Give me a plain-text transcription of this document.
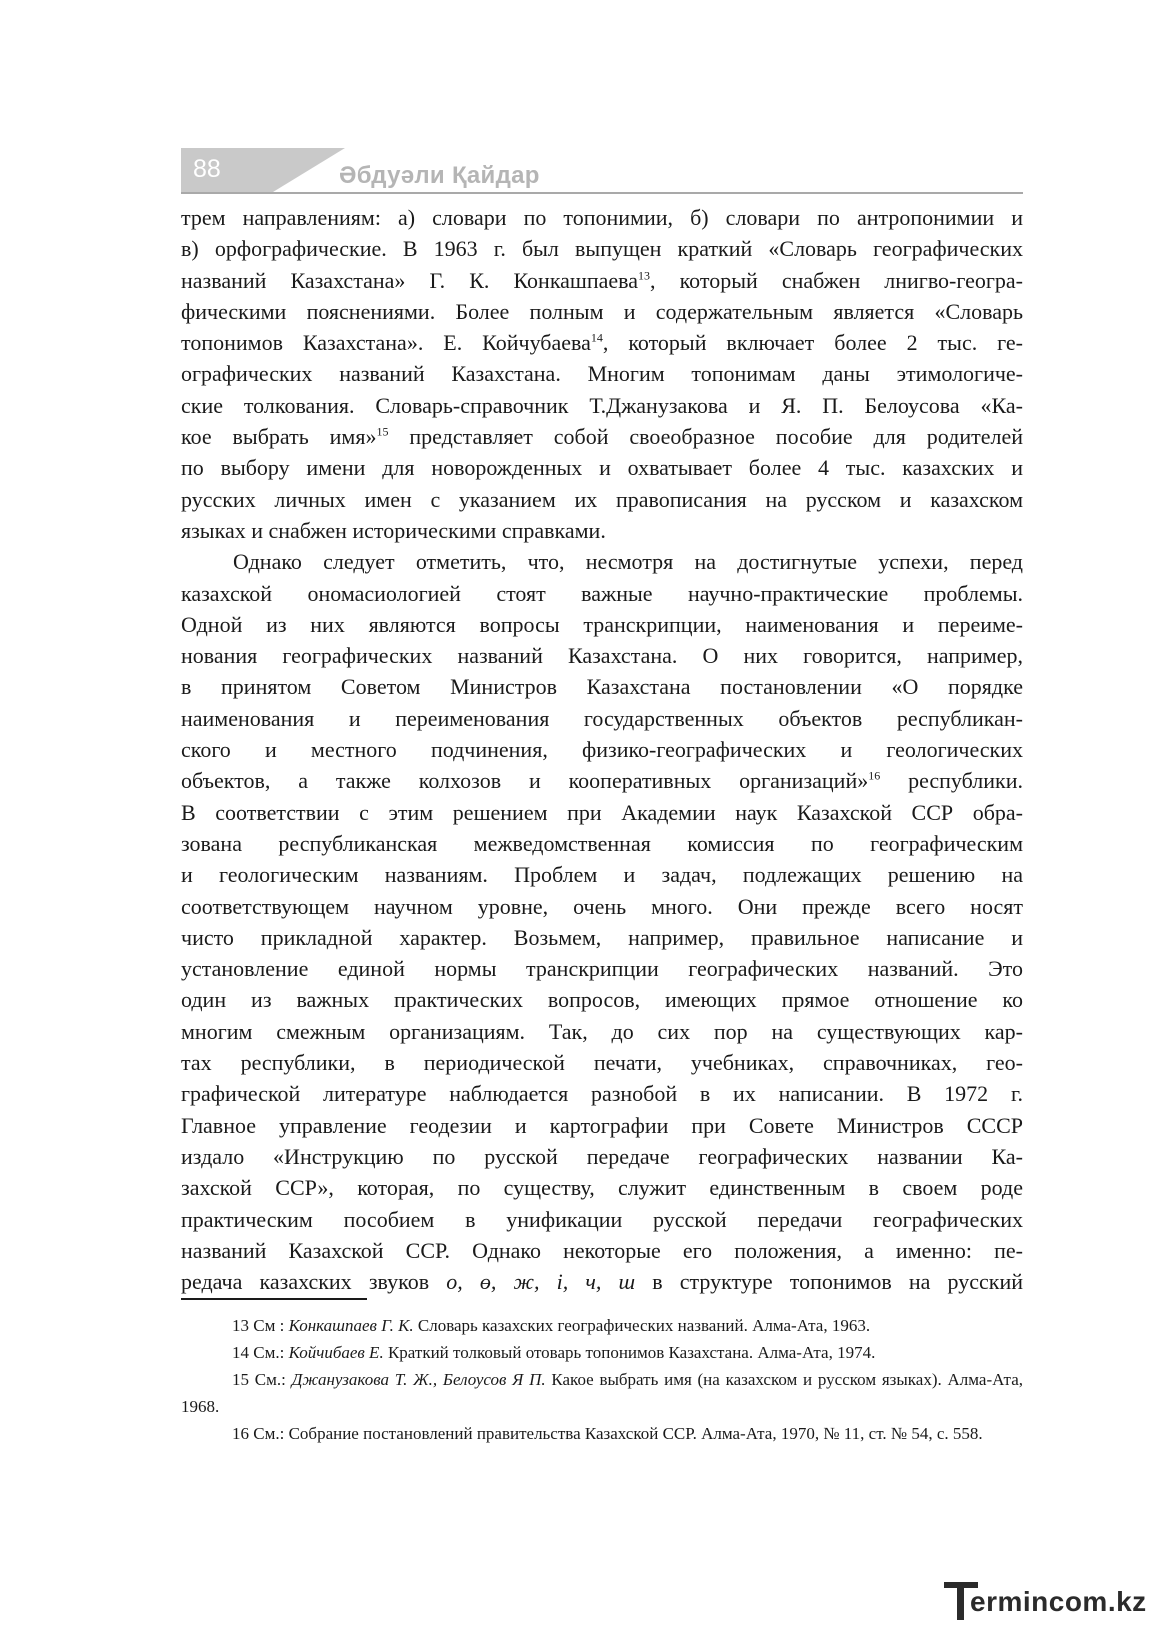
88	Әбдуәли Қайдар

трем направлениям: а) словари по топонимии, б) словари по антропонимии и

в) орфографические. В 1963 г. был выпущен краткий «Словарь географических

названий Казахстана» Г. К. Конкашпаева$^{13}$, который снабжен лнигво-геогра-

фическими пояснениями. Более полным и содержательным является «Словарь

топонимов Казахстана». Е. Койчубаева$^{14}$, который включает более 2 тыс. ге-

ографических названий Казахстана. Многим топонимам даны этимологиче-

ские толкования. Словарь-справочник Т.Джанузакова и Я. П. Белоусова «Ка-

кое выбрать имя»$^{15}$ представляет собой своеобразное пособие для родителей

по выбору имени для новорожденных и охватывает более 4 тыс. казахских и

русских личных имен с указанием их правописания на русском и казахском

языках и снабжен историческими справками.

Однако следует отметить, что, несмотря на достигнутые успехи, перед

казахской ономасиологией стоят важные научно-практические проблемы.

Одной из них являются вопросы транскрипции, наименования и переиме-

нования географических названий Казахстана. О них говорится, например,

в принятом Советом Министров Казахстана постановлении «О порядке

наименования и переименования государственных объектов республикан-

ского и местного подчинения, физико-географических и геологических

объектов, а также колхозов и кооперативных организаций»$^{16}$ республики.

В соответствии с этим решением при Академии наук Казахской ССР обра-

зована республиканская межведомственная комиссия по географическим

и геологическим названиям. Проблем и задач, подлежащих решению на

соответствующем научном уровне, очень много. Они прежде всего носят

чисто прикладной характер. Возьмем, например, правильное написание и

установление единой нормы транскрипции географических названий. Это

один из важных практических вопросов, имеющих прямое отношение ко

многим смежным организациям. Так, до сих пор на существующих кар-

тах республики, в периодической печати, учебниках, справочниках, гео-

графической литературе наблюдается разнобой в их написании. В 1972 г.

Главное управление геодезии и картографии при Совете Министров СССР

издало «Инструкцию по русской передаче географических названии Ка-

захской ССР», которая, по существу, служит единственным в своем роде

практическим пособием в унификации русской передачи географических

названий Казахской ССР. Однако некоторые его положения, а именно: пе-

редача казахских звуков о, ө, ж, і, ч, ш в структуре топонимов на русский

13 См : Конкашпаев Г. К. Словарь казахских географических названий. Алма-Ата, 1963.

14 См.: Койчибаев Е. Краткий толковый отоварь топонимов Казахстана. Алма-Ата, 1974.

15 См.: Джанузакова Т. Ж., Белоусов Я П. Какое выбрать имя (на казахском и русском языках). Алма-Ата, 1968.

16 См.: Собрание постановлений правительства Казахской ССР. Алма-Ата, 1970, № 11, ст. № 54, с. 558.

ermincom.kz
